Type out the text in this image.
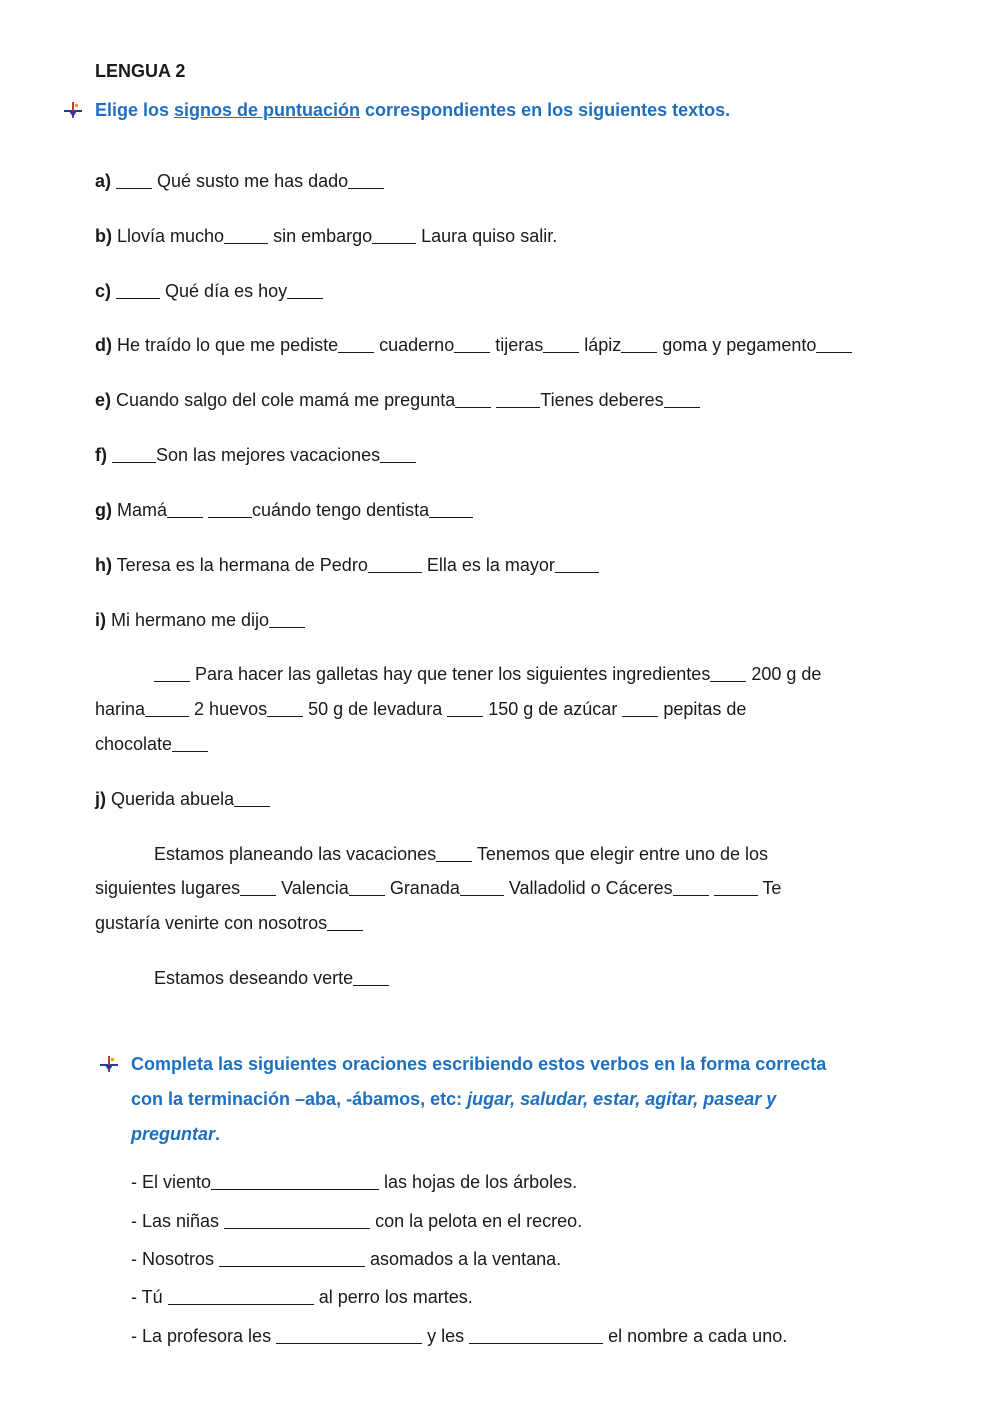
LENGUA 2
Elige los signos de puntuación correspondientes en los siguientes textos.
a)  Qué susto me has dado
b) Llovía mucho sin embargo Laura quiso salir.
c)	Qué día es hoy
d) He traído lo que me pediste cuaderno tijeras lápiz goma y pegamento
e) Cuando salgo del cole mamá me pregunta	Tienes deberes
f)	Son las mejores vacaciones
g) Mamá	cuándo tengo dentista
h) Teresa es la hermana de Pedro	Ella es la mayor
i) Mi hermano me dijo
Para hacer las galletas hay que tener los siguientes ingredientes 200 g de
harina 2 huevos 50 g de levadura  150 g de azúcar  pepitas de
chocolate
j) Querida abuela
Estamos planeando las vacaciones Tenemos que elegir entre uno de los
siguientes lugares Valencia Granada Valladolid o Cáceres	Te
gustaría venirte con nosotros
Estamos deseando verte
Completa las siguientes oraciones escribiendo estos verbos en la forma correcta
con la terminación –aba, -ábamos, etc: jugar, saludar, estar, agitar, pasear y
preguntar.
- El viento	las hojas de los árboles.
- Las niñas	con la pelota en el recreo.
- Nosotros	asomados a la ventana.
- Tú	al perro los martes.
- La profesora les	y les	el nombre a cada uno.
